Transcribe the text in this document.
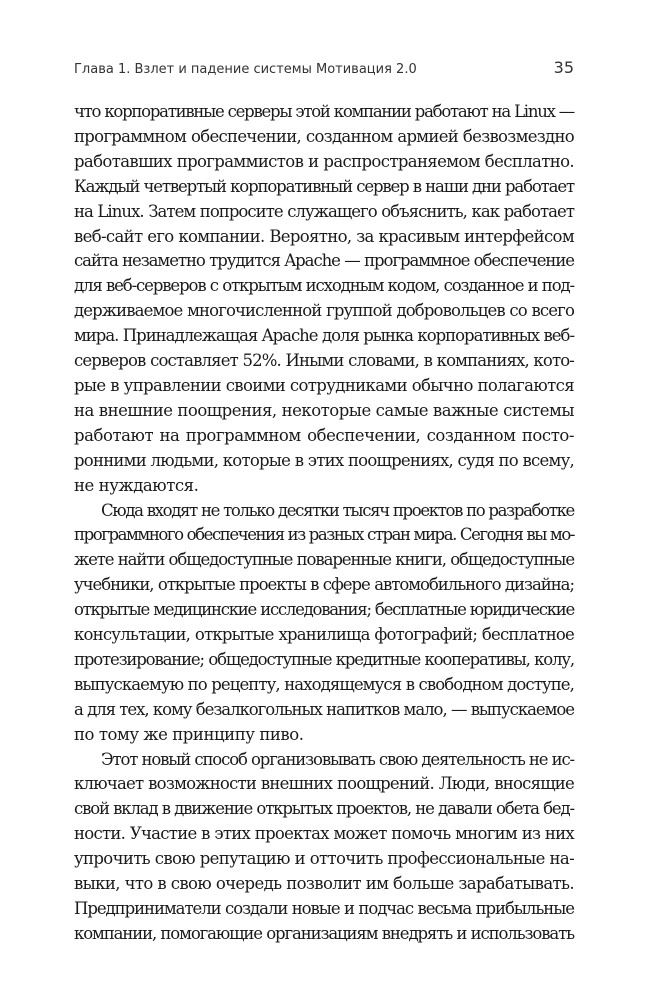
Глава 1. Взлет и падение системы Мотивация 2.0	35

что корпоративные серверы этой компании работают на Linux —
программном обеспечении, созданном армией безвозмездно
работавших программистов и распространяемом бесплатно.
Каждый четвертый корпоративный сервер в наши дни работает
на Linux. Затем попросите служащего объяснить, как работает
веб-сайт его компании. Вероятно, за красивым интерфейсом
сайта незаметно трудится Apache — программное обеспечение
для веб-серверов с открытым исходным кодом, созданное и под-
держиваемое многочисленной группой добровольцев со всего
мира. Принадлежащая Apache доля рынка корпоративных веб-
серверов составляет 52%. Иными словами, в компаниях, кото-
рые в управлении своими сотрудниками обычно полагаются
на внешние поощрения, некоторые самые важные системы
работают на программном обеспечении, созданном посто-
ронними людьми, которые в этих поощрениях, судя по всему,
не нуждаются.

Сюда входят не только десятки тысяч проектов по разработке
программного обеспечения из разных стран мира. Сегодня вы мо-
жете найти общедоступные поваренные книги, общедоступные
учебники, открытые проекты в сфере автомобильного дизайна;
открытые медицинские исследования; бесплатные юридические
консультации, открытые хранилища фотографий; бесплатное
протезирование; общедоступные кредитные кооперативы, колу,
выпускаемую по рецепту, находящемуся в свободном доступе,
а для тех, кому безалкогольных напитков мало, — выпускаемое
по тому же принципу пиво.

Этот новый способ организовывать свою деятельность не ис-
ключает возможности внешних поощрений. Люди, вносящие
свой вклад в движение открытых проектов, не давали обета бед-
ности. Участие в этих проектах может помочь многим из них
упрочить свою репутацию и отточить профессиональные на-
выки, что в свою очередь позволит им больше зарабатывать.
Предприниматели создали новые и подчас весьма прибыльные
компании, помогающие организациям внедрять и использовать
